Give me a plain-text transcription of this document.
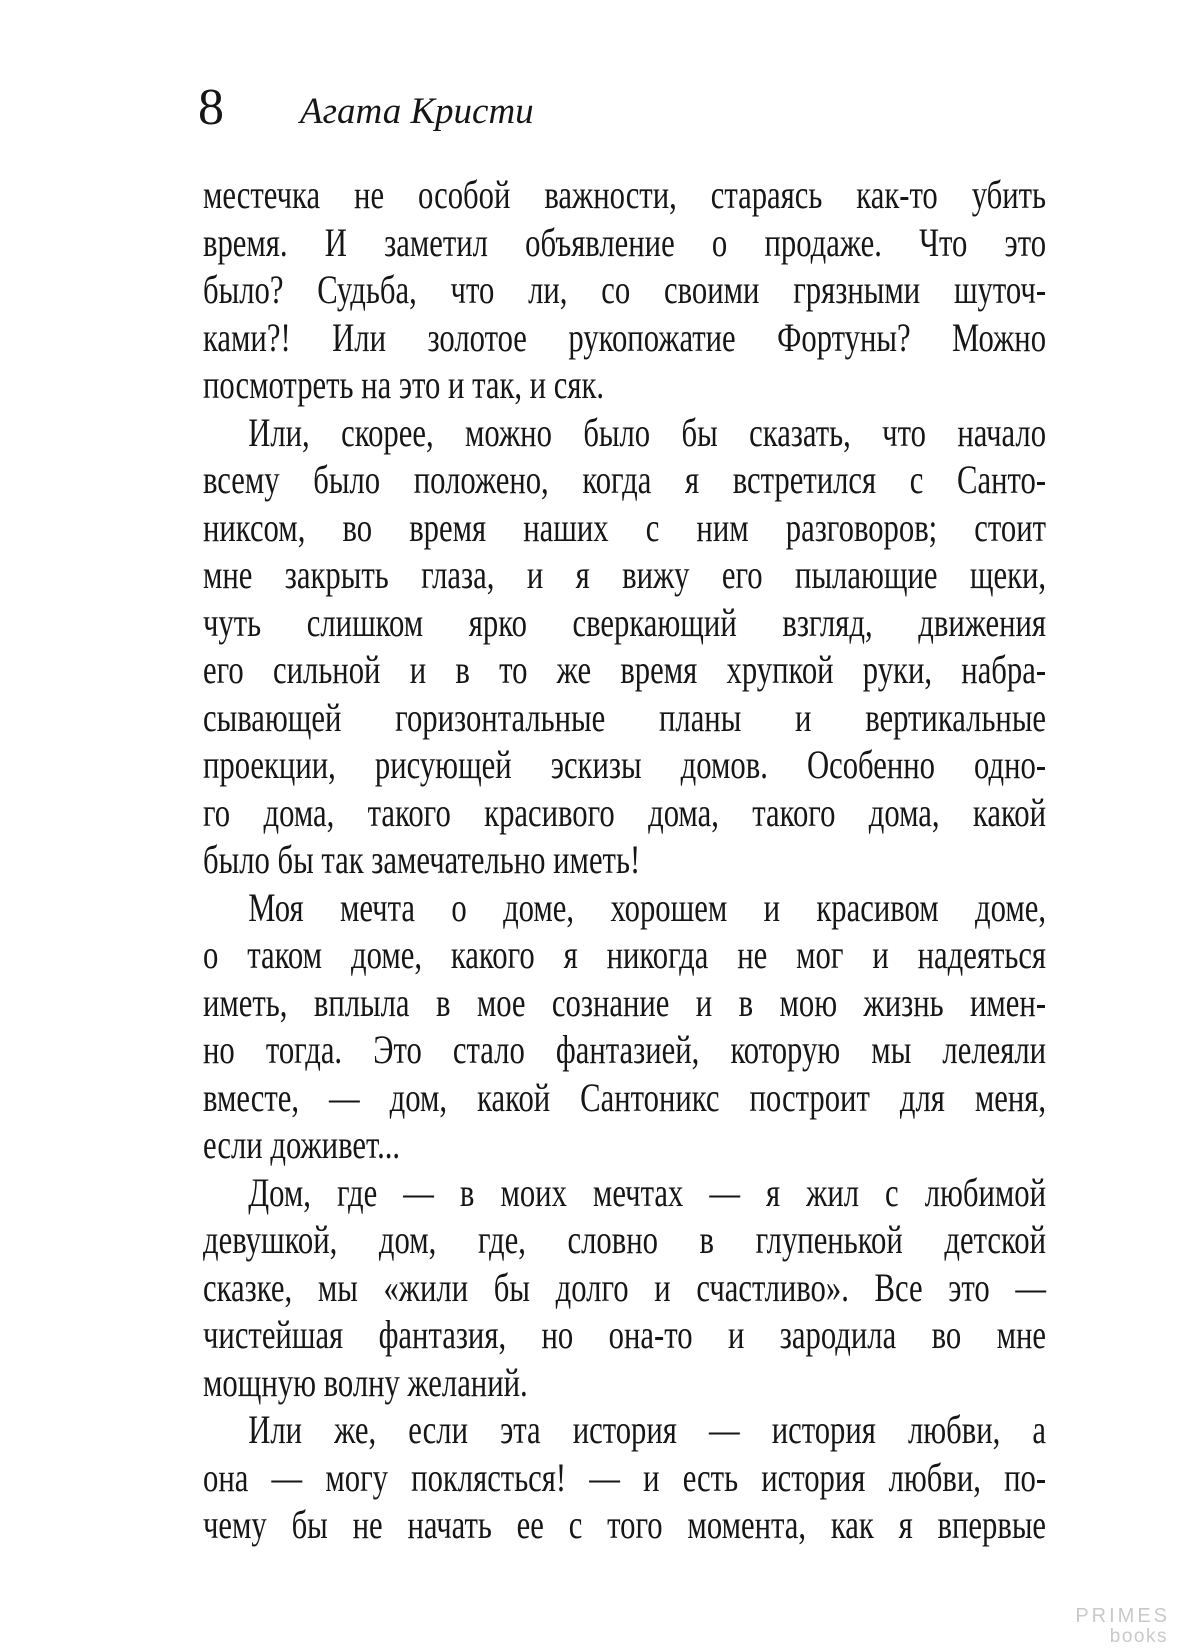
8 Агата Кристи
местечка не особой важности, стараясь как-то убить
время. И заметил объявление о продаже. Что это
было? Судьба, что ли, со своими грязными шуточ-
ками?! Или золотое рукопожатие Фортуны? Можно
посмотреть на это и так, и сяк.
Или, скорее, можно было бы сказать, что начало
всему было положено, когда я встретился с Санто-
никсом, во время наших с ним разговоров; стоит
мне закрыть глаза, и я вижу его пылающие щеки,
чуть слишком ярко сверкающий взгляд, движения
его сильной и в то же время хрупкой руки, набра-
сывающей горизонтальные планы и вертикальные
проекции, рисующей эскизы домов. Особенно одно-
го дома, такого красивого дома, такого дома, какой
было бы так замечательно иметь!
Моя мечта о доме, хорошем и красивом доме,
о таком доме, какого я никогда не мог и надеяться
иметь, вплыла в мое сознание и в мою жизнь имен-
но тогда. Это стало фантазией, которую мы лелеяли
вместе, — дом, какой Сантоникс построит для меня,
если доживет...
Дом, где — в моих мечтах — я жил с любимой
девушкой, дом, где, словно в глупенькой детской
сказке, мы «жили бы долго и счастливо». Все это —
чистейшая фантазия, но она-то и зародила во мне
мощную волну желаний.
Или же, если эта история — история любви, а
она — могу поклясться! — и есть история любви, по-
чему бы не начать ее с того момента, как я впервые
PRIMES
books
